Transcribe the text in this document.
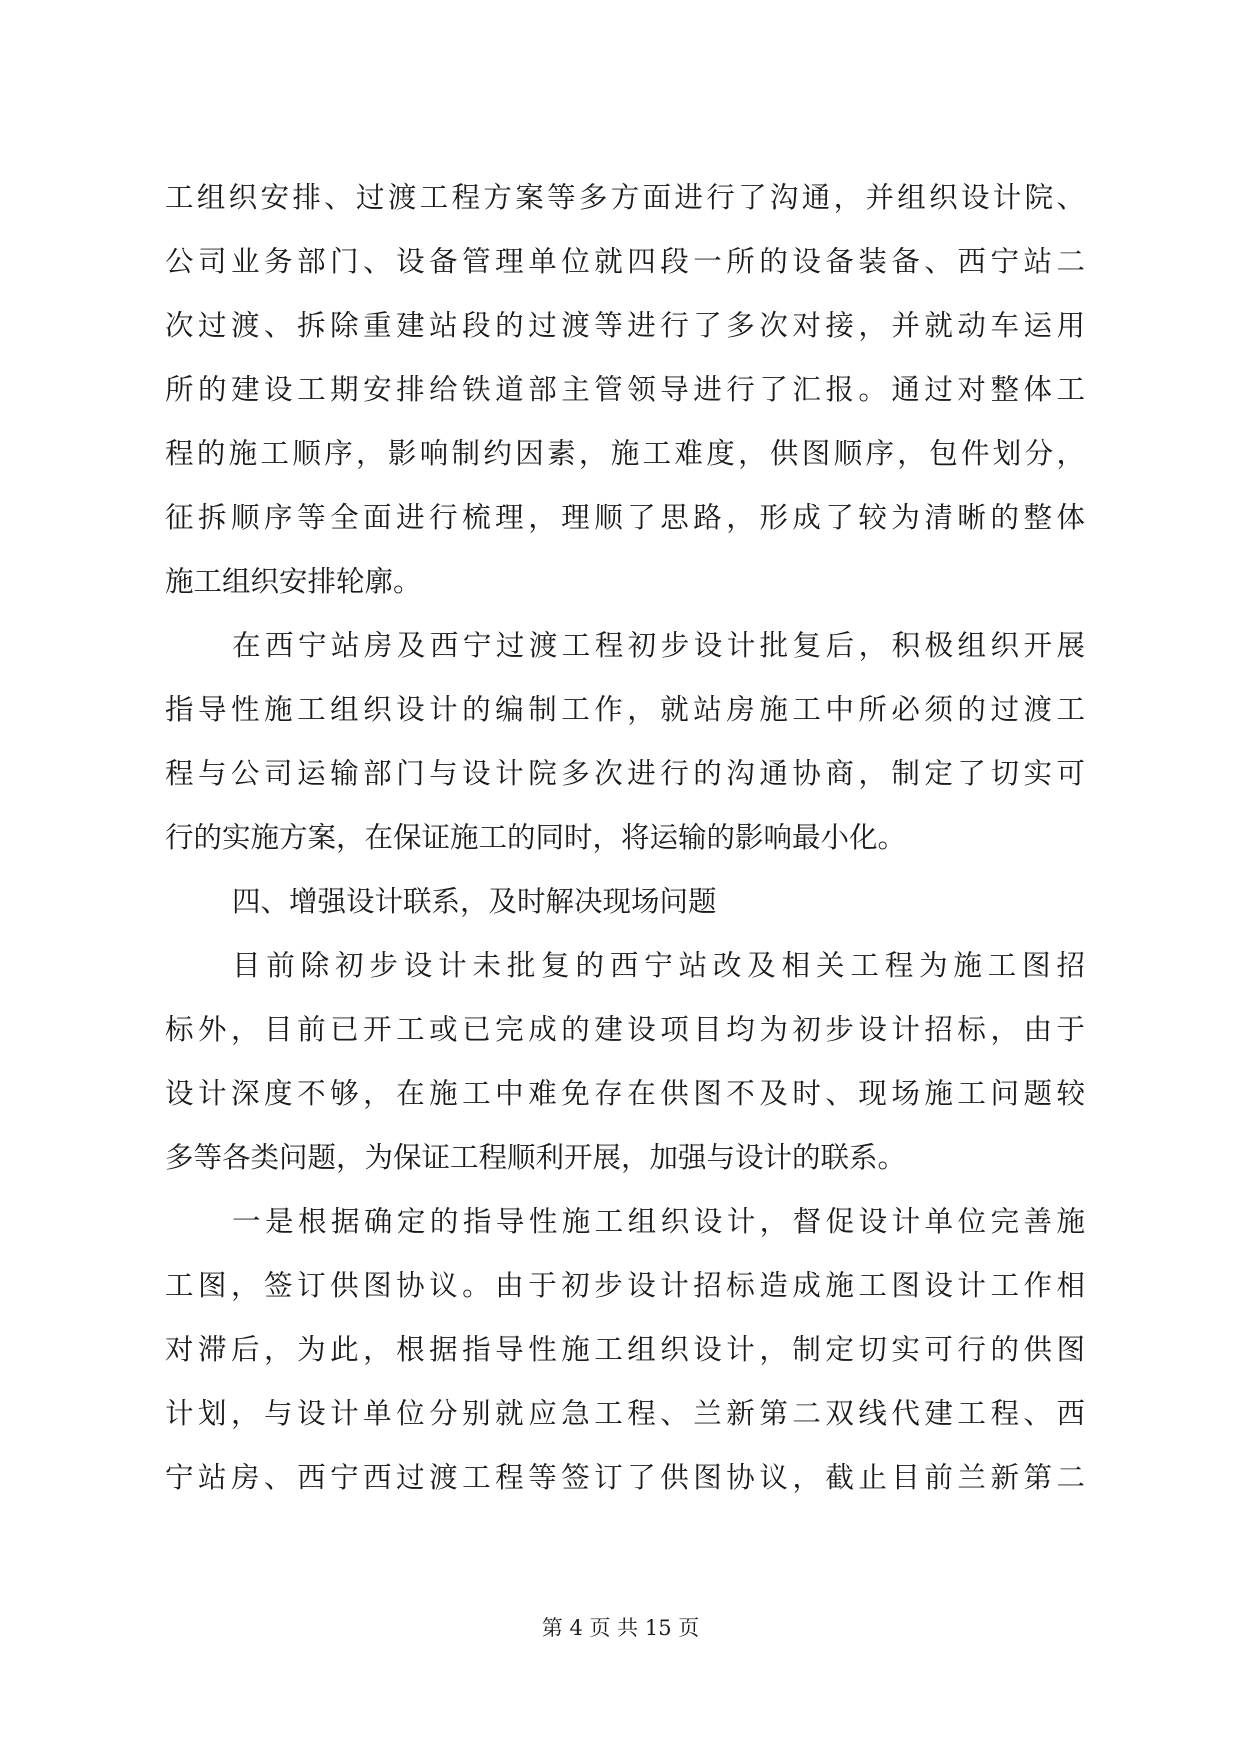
工组织安排、过渡工程方案等多方面进行了沟通，并组织设计院、
公司业务部门、设备管理单位就四段一所的设备装备、西宁站二
次过渡、拆除重建站段的过渡等进行了多次对接，并就动车运用
所的建设工期安排给铁道部主管领导进行了汇报。通过对整体工
程的施工顺序，影响制约因素，施工难度，供图顺序，包件划分，
征拆顺序等全面进行梳理，理顺了思路，形成了较为清晰的整体
施工组织安排轮廓。
在西宁站房及西宁过渡工程初步设计批复后，积极组织开展
指导性施工组织设计的编制工作，就站房施工中所必须的过渡工
程与公司运输部门与设计院多次进行的沟通协商，制定了切实可
行的实施方案，在保证施工的同时，将运输的影响最小化。
四、增强设计联系，及时解决现场问题
目前除初步设计未批复的西宁站改及相关工程为施工图招
标外，目前已开工或已完成的建设项目均为初步设计招标，由于
设计深度不够，在施工中难免存在供图不及时、现场施工问题较
多等各类问题，为保证工程顺利开展，加强与设计的联系。
一是根据确定的指导性施工组织设计，督促设计单位完善施
工图，签订供图协议。由于初步设计招标造成施工图设计工作相
对滞后，为此，根据指导性施工组织设计，制定切实可行的供图
计划，与设计单位分别就应急工程、兰新第二双线代建工程、西
宁站房、西宁西过渡工程等签订了供图协议，截止目前兰新第二
第 4 页 共 15 页
